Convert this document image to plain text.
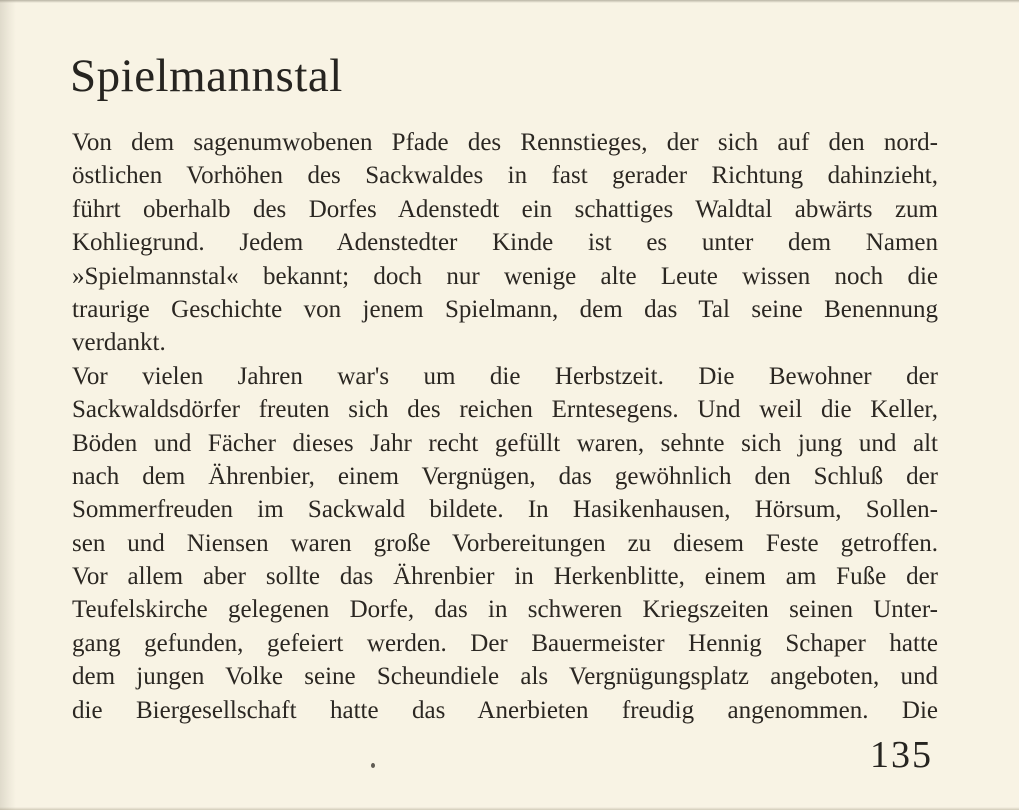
Spielmannstal
Von dem sagenumwobenen Pfade des Rennstieges, der sich auf den nord-
östlichen Vorhöhen des Sackwaldes in fast gerader Richtung dahinzieht,
führt oberhalb des Dorfes Adenstedt ein schattiges Waldtal abwärts zum
Kohliegrund. Jedem Adenstedter Kinde ist es unter dem Namen
»Spielmannstal« bekannt; doch nur wenige alte Leute wissen noch die
traurige Geschichte von jenem Spielmann, dem das Tal seine Benennung
verdankt.
Vor vielen Jahren war's um die Herbstzeit. Die Bewohner der
Sackwaldsdörfer freuten sich des reichen Erntesegens. Und weil die Keller,
Böden und Fächer dieses Jahr recht gefüllt waren, sehnte sich jung und alt
nach dem Ährenbier, einem Vergnügen, das gewöhnlich den Schluß der
Sommerfreuden im Sackwald bildete. In Hasikenhausen, Hörsum, Sollen-
sen und Niensen waren große Vorbereitungen zu diesem Feste getroffen.
Vor allem aber sollte das Ährenbier in Herkenblitte, einem am Fuße der
Teufelskirche gelegenen Dorfe, das in schweren Kriegszeiten seinen Unter-
gang gefunden, gefeiert werden. Der Bauermeister Hennig Schaper hatte
dem jungen Volke seine Scheundiele als Vergnügungsplatz angeboten, und
die Biergesellschaft hatte das Anerbieten freudig angenommen. Die
135
